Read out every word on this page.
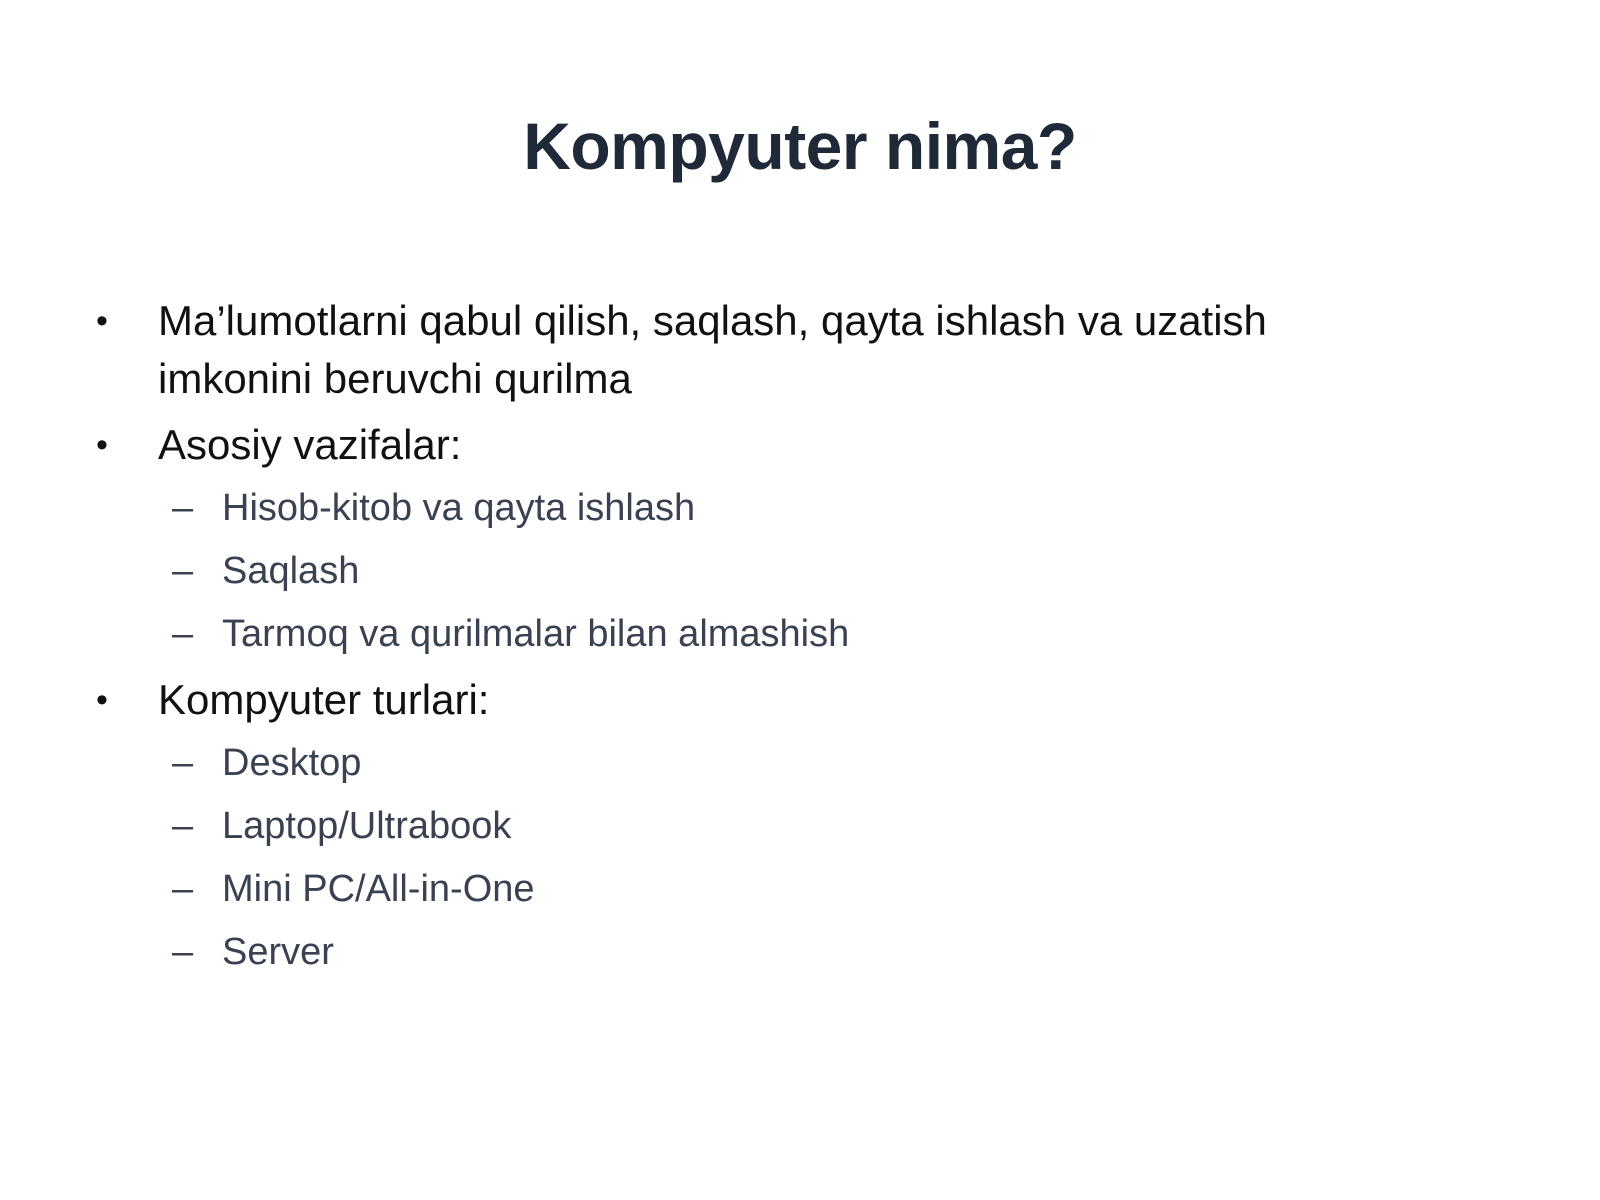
Kompyuter nima?
•	Ma’lumotlarni qabul qilish, saqlash, qayta ishlash va uzatish imkonini beruvchi qurilma
•	Asosiy vazifalar:
– Hisob-kitob va qayta ishlash
– Saqlash
– Tarmoq va qurilmalar bilan almashish
•	Kompyuter turlari:
– Desktop
– Laptop/Ultrabook
– Mini PC/All-in-One
– Server
